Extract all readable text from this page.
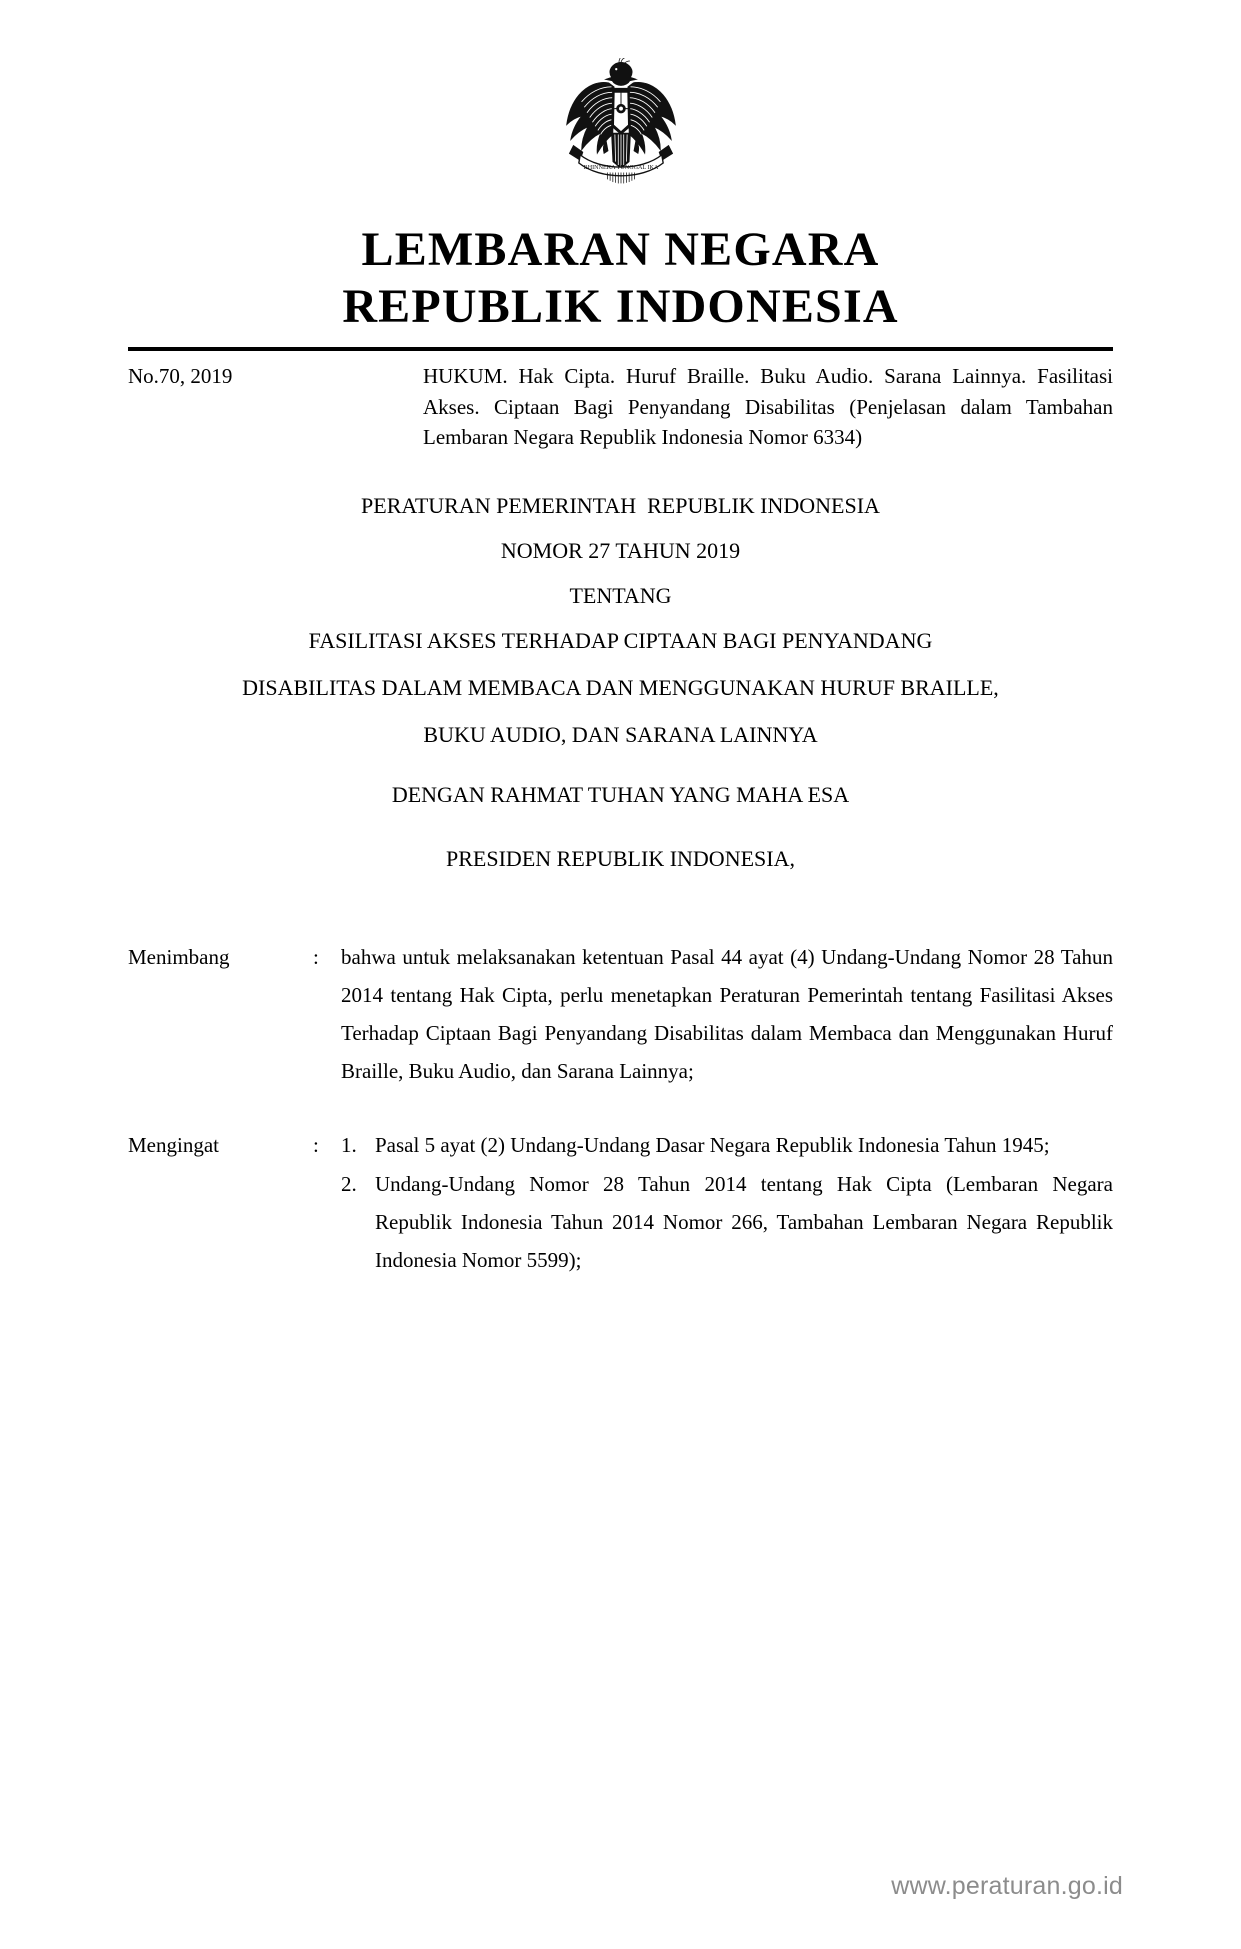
BHINNEKA TUNGGAL IKA
LEMBARAN NEGARA
REPUBLIK INDONESIA
No.70, 2019	HUKUM. Hak Cipta. Huruf Braille. Buku Audio. Sarana Lainnya. Fasilitasi Akses. Ciptaan Bagi Penyandang Disabilitas (Penjelasan dalam Tambahan Lembaran Negara Republik Indonesia Nomor 6334)
PERATURAN PEMERINTAH  REPUBLIK INDONESIA
NOMOR 27 TAHUN 2019
TENTANG
FASILITASI AKSES TERHADAP CIPTAAN BAGI PENYANDANG
DISABILITAS DALAM MEMBACA DAN MENGGUNAKAN HURUF BRAILLE,
BUKU AUDIO, DAN SARANA LAINNYA
DENGAN RAHMAT TUHAN YANG MAHA ESA
PRESIDEN REPUBLIK INDONESIA,
Menimbang	:	bahwa untuk melaksanakan ketentuan Pasal 44 ayat (4) Undang-Undang Nomor 28 Tahun 2014 tentang Hak Cipta, perlu menetapkan Peraturan Pemerintah tentang Fasilitasi Akses Terhadap Ciptaan Bagi Penyandang Disabilitas dalam Membaca dan Menggunakan Huruf Braille, Buku Audio, dan Sarana Lainnya;

Mengingat	:	1. Pasal 5 ayat (2) Undang-Undang Dasar Negara Republik Indonesia Tahun 1945;
2. Undang-Undang Nomor 28 Tahun 2014 tentang Hak Cipta (Lembaran Negara Republik Indonesia Tahun 2014 Nomor 266, Tambahan Lembaran Negara Republik Indonesia Nomor 5599);
www.peraturan.go.id
